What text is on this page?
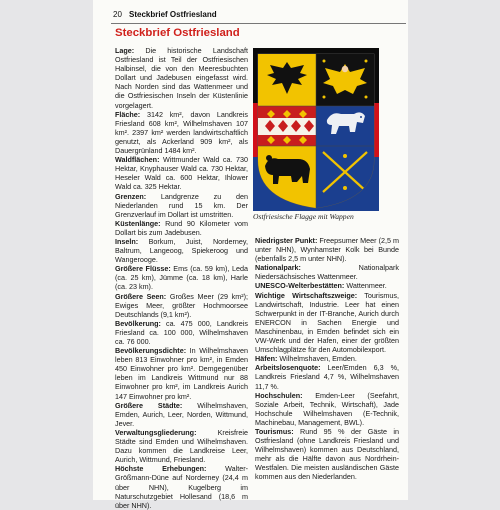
20 Steckbrief Ostfriesland
Steckbrief Ostfriesland

Lage: Die historische Landschaft Ostfriesland ist Teil der Ostfriesischen Halbinsel, die von den Meeresbuchten Dollart und Jadebusen eingefasst wird. Nach Norden sind das Wattenmeer und die Ostfriesischen Inseln der Küstenlinie vorgelagert.

Fläche: 3142 km², davon Landkreis Friesland 608 km², Wilhelmshaven 107 km². 2397 km² werden landwirtschaftlich genutzt, als Ackerland 909 km², als Dauergrünland 1484 km².

Waldflächen: Wittmunder Wald ca. 730 Hektar, Knyphauser Wald ca. 730 Hektar, Heseler Wald ca. 600 Hektar, Ihlower Wald ca. 325 Hektar.

Grenzen: Landgrenze zu den Niederlanden rund 15 km. Der Grenzverlauf im Dollart ist umstritten.

Küstenlänge: Rund 90 Kilometer vom Dollart bis zum Jadebusen.

Inseln: Borkum, Juist, Norderney, Baltrum, Langeoog, Spiekeroog und Wangerooge.

Größere Flüsse: Ems (ca. 59 km), Leda (ca. 25 km), Jümme (ca. 18 km), Harle (ca. 23 km).

Größere Seen: Großes Meer (29 km²); Ewiges Meer, größter Hochmoorsee Deutschlands (9,1 km²).

Bevölkerung: ca. 475 000, Landkreis Friesland ca. 100 000, Wilhelmshaven ca. 76 000.

Bevölkerungsdichte: In Wilhelmshaven leben 813 Einwohner pro km², in Emden 450 Einwohner pro km². Demgegenüber leben im Landkreis Wittmund nur 88 Einwohner pro km², im Landkreis Aurich 147 Einwohner pro km².

Größere Städte: Wilhelmshaven, Emden, Aurich, Leer, Norden, Wittmund, Jever.

Verwaltungsgliederung: Kreisfreie Städte sind Emden und Wilhelmshaven. Dazu kommen die Landkreise Leer, Aurich, Wittmund, Friesland.

Höchste Erhebungen: Walter-Größmann-Düne auf Norderney (24,4 m über NHN), Kugelberg im Naturschutzgebiet Hollesand (18,6 m über NHN).

Ostfriesische Flagge mit Wappen

Niedrigster Punkt: Freepsumer Meer (2,5 m unter NHN), Wynhamster Kolk bei Bunde (ebenfalls 2,5 m unter NHN).

Nationalpark: Nationalpark Niedersächsisches Wattenmeer.

UNESCO-Welterbestätten: Wattenmeer.

Wichtige Wirtschaftszweige: Tourismus, Landwirtschaft, Industrie. Leer hat einen Schwerpunkt in der IT-Branche, Aurich durch ENERCON in Sachen Energie und Maschinenbau, in Emden befindet sich ein VW-Werk und der Hafen, einer der größten Umschlagplätze für den Automobilexport.

Häfen: Wilhelmshaven, Emden.

Arbeitslosenquote: Leer/Emden 6,3 %, Landkreis Friesland 4,7 %, Wilhelmshaven 11,7 %.

Hochschulen: Emden-Leer (Seefahrt, Soziale Arbeit, Technik, Wirtschaft), Jade Hochschule Wilhelmshaven (E-Technik, Machinebau, Management, BWL).

Tourismus: Rund 95 % der Gäste in Ostfriesland (ohne Landkreis Friesland und Wilhelmshaven) kommen aus Deutschland, mehr als die Hälfte davon aus Nordrhein-Westfalen. Die meisten ausländischen Gäste kommen aus den Niederlanden.
